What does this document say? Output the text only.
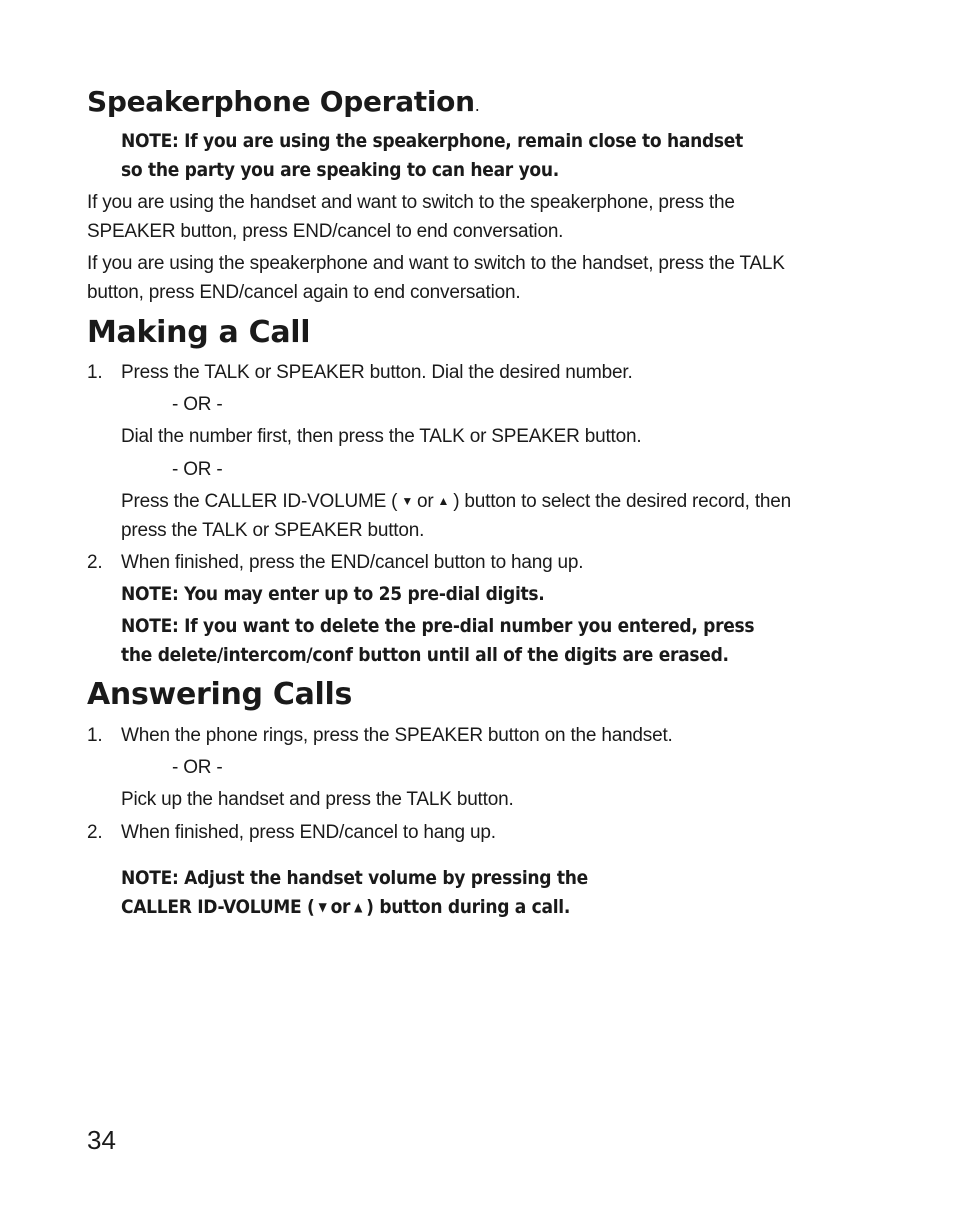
Speakerphone Operation.
NOTE: If you are using the speakerphone, remain close to handset
so the party you are speaking to can hear you.
If you are using the handset and want to switch to the speakerphone, press the
SPEAKER button, press END/cancel to end conversation.
If you are using the speakerphone and want to switch to the handset, press the TALK
button, press END/cancel again to end conversation.
Making a Call
1. Press the TALK or SPEAKER button. Dial the desired number.
- OR -
Dial the number first, then press the TALK or SPEAKER button.
- OR -
Press the CALLER ID-VOLUME ( ▼ or ▲ ) button to select the desired record, then
press the TALK or SPEAKER button.
2. When finished, press the END/cancel button to hang up.
NOTE: You may enter up to 25 pre-dial digits.
NOTE: If you want to delete the pre-dial number you entered, press
the delete/intercom/conf button until all of the digits are erased.
Answering Calls
1. When the phone rings, press the SPEAKER button on the handset.
- OR -
Pick up the handset and press the TALK button.
2. When finished, press END/cancel to hang up.
NOTE: Adjust the handset volume by pressing the
CALLER ID-VOLUME ( ▼ or ▲ ) button during a call.
34
